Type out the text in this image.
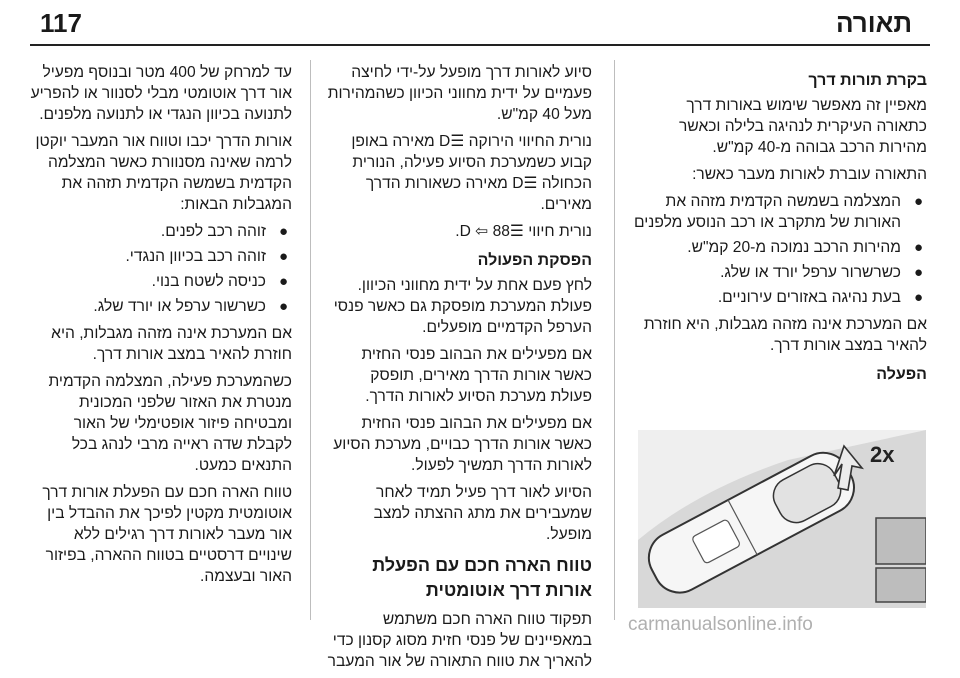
117	תאורה
בקרת תורות דרך

מאפיין זה מאפשר שימוש באורות דרך כתאורה העיקרית לנהיגה בלילה וכאשר מהירות הרכב גבוהה מ-40 קמ"ש.

התאורה עוברת לאורות מעבר כאשר:

●
המצלמה בשמשה הקדמית מזהה את האורות של מתקרב או רכב הנוסע מלפנים
●
מהירות הרכב נמוכה מ-20 קמ"ש.
●
כשרשרור ערפל יורד או שלג.
●
בעת נהיגה באזורים עירוניים.

אם המערכת אינה מזהה מגבלות, היא חוזרת להאיר במצב אורות דרך.

הפעלה
2x

סיוע לאורות דרך מופעל על-ידי לחיצה פעמיים על ידית מחווני הכיוון כשהמהירות מעל 40 קמ"ש.

נורית החיווי הירוקה ☰D מאירה באופן קבוע כשמערכת הסיוע פעילה, הנורית הכחולה ☰D מאירה כשאורות הדרך מאירים.

נורית חיווי ☰D ⇦ 88.

הפסקת הפעולה

לחץ פעם אחת על ידית מחווני הכיוון. פעולת המערכת מופסקת גם כאשר פנסי הערפל הקדמיים מופעלים.

אם מפעילים את הבהוב פנסי החזית כאשר אורות הדרך מאירים, תופסק פעולת מערכת הסיוע לאורות הדרך.

אם מפעילים את הבהוב פנסי החזית כאשר אורות הדרך כבויים, מערכת הסיוע לאורות הדרך תמשיך לפעול.

הסיוע לאור דרך פעיל תמיד לאחר שמעבירים את מתג ההצתה למצב מופעל.

טווח הארה חכם עם הפעלת אורות דרך אוטומטית

תפקוד טווח הארה חכם משתמש במאפיינים של פנסי חזית מסוג קסנון כדי להאריך את טווח התאורה של אור המעבר

עד למרחק של 400 מטר ובנוסף מפעיל אור דרך אוטומטי מבלי לסנוור או להפריע לתנועה בכיוון הנגדי או לתנועה מלפנים.

אורות הדרך יכבו וטווח אור המעבר יוקטן לרמה שאינה מסנוורת כאשר המצלמה הקדמית בשמשה הקדמית תזהה את המגבלות הבאות:

●
זוהה רכב לפנים.
●
זוהה רכב בכיוון הנגדי.
●
כניסה לשטח בנוי.
●
כשרשור ערפל או יורד שלג.

אם המערכת אינה מזהה מגבלות, היא חוזרת להאיר במצב אורות דרך.

כשהמערכת פעילה, המצלמה הקדמית מנטרת את האזור שלפני המכונית ומבטיחה פיזור אופטימלי של האור לקבלת שדה ראייה מרבי לנהג בכל התנאים כמעט.

טווח הארה חכם עם הפעלת אורות דרך אוטומטית מקטין לפיכך את ההבדל בין אור מעבר לאורות דרך רגילים ללא שינויים דרסטיים בטווח ההארה, בפיזור האור ובעצמה.

carmanualsonline.info
